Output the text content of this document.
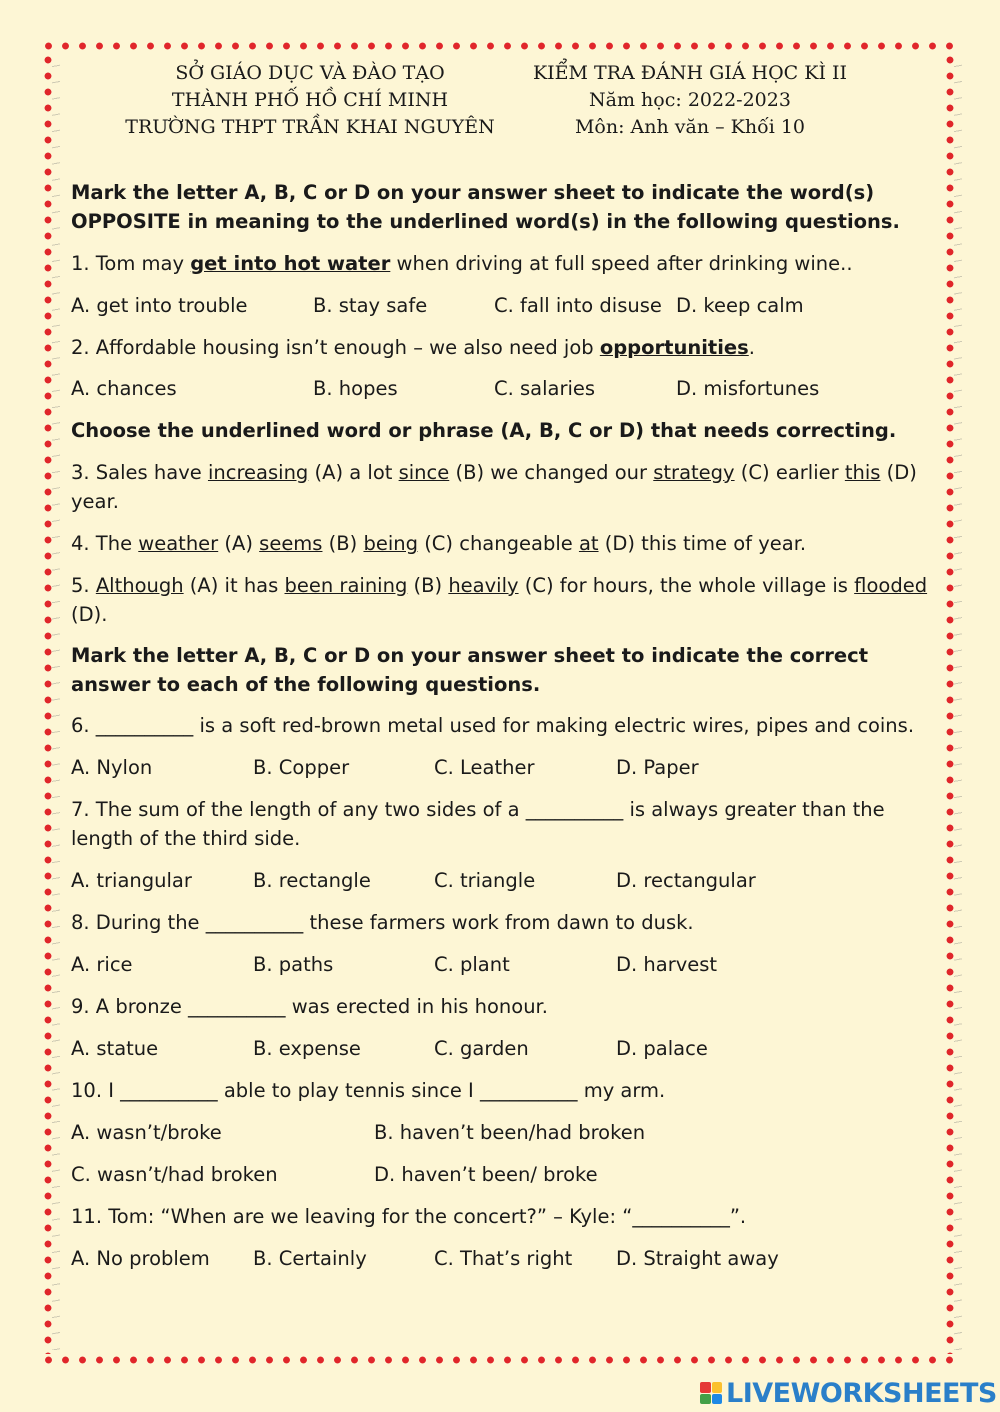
SỞ GIÁO DỤC VÀ ĐÀO TẠO
THÀNH PHỐ HỒ CHÍ MINH
TRƯỜNG THPT TRẦN KHAI NGUYÊN
KIỂM TRA ĐÁNH GIÁ HỌC KÌ II
Năm học: 2022-2023
Môn: Anh văn – Khối 10

Mark the letter A, B, C or D on your answer sheet to indicate the word(s)

OPPOSITE in meaning to the underlined word(s) in the following questions.

1. Tom may get into hot water when driving at full speed after drinking wine..

A. get into trouble	B. stay safe	C. fall into disuse D. keep calm

2. Affordable housing isn’t enough – we also need job opportunities.

A. chances	B. hopes	C. salaries	D. misfortunes

Choose the underlined word or phrase (A, B, C or D) that needs correcting.

3. Sales have increasing (A) a lot since (B) we changed our strategy (C) earlier this (D) year.

4. The weather (A) seems (B) being (C) changeable at (D) this time of year.

5. Although (A) it has been raining (B) heavily (C) for hours, the whole village is flooded (D).

Mark the letter A, B, C or D on your answer sheet to indicate the correct

answer to each of the following questions.

6. __________ is a soft red-brown metal used for making electric wires, pipes and coins.

A. Nylon	B. Copper	C. Leather	D. Paper

7. The sum of the length of any two sides of a __________ is always greater than the length of the third side.

A. triangular	B. rectangle	C. triangle	D. rectangular

8. During the __________ these farmers work from dawn to dusk.

A. rice	B. paths	C. plant	D. harvest

9. A bronze __________ was erected in his honour.

A. statue	B. expense	C. garden	D. palace

10. I __________ able to play tennis since I __________ my arm.

A. wasn’t/broke	B. haven’t been/had broken
C. wasn’t/had broken	D. haven’t been/ broke

11. Tom: “When are we leaving for the concert?” – Kyle: “__________”.

A. No problem B. Certainly	C. That’s right D. Straight away
LIVEWORKSHEETS
